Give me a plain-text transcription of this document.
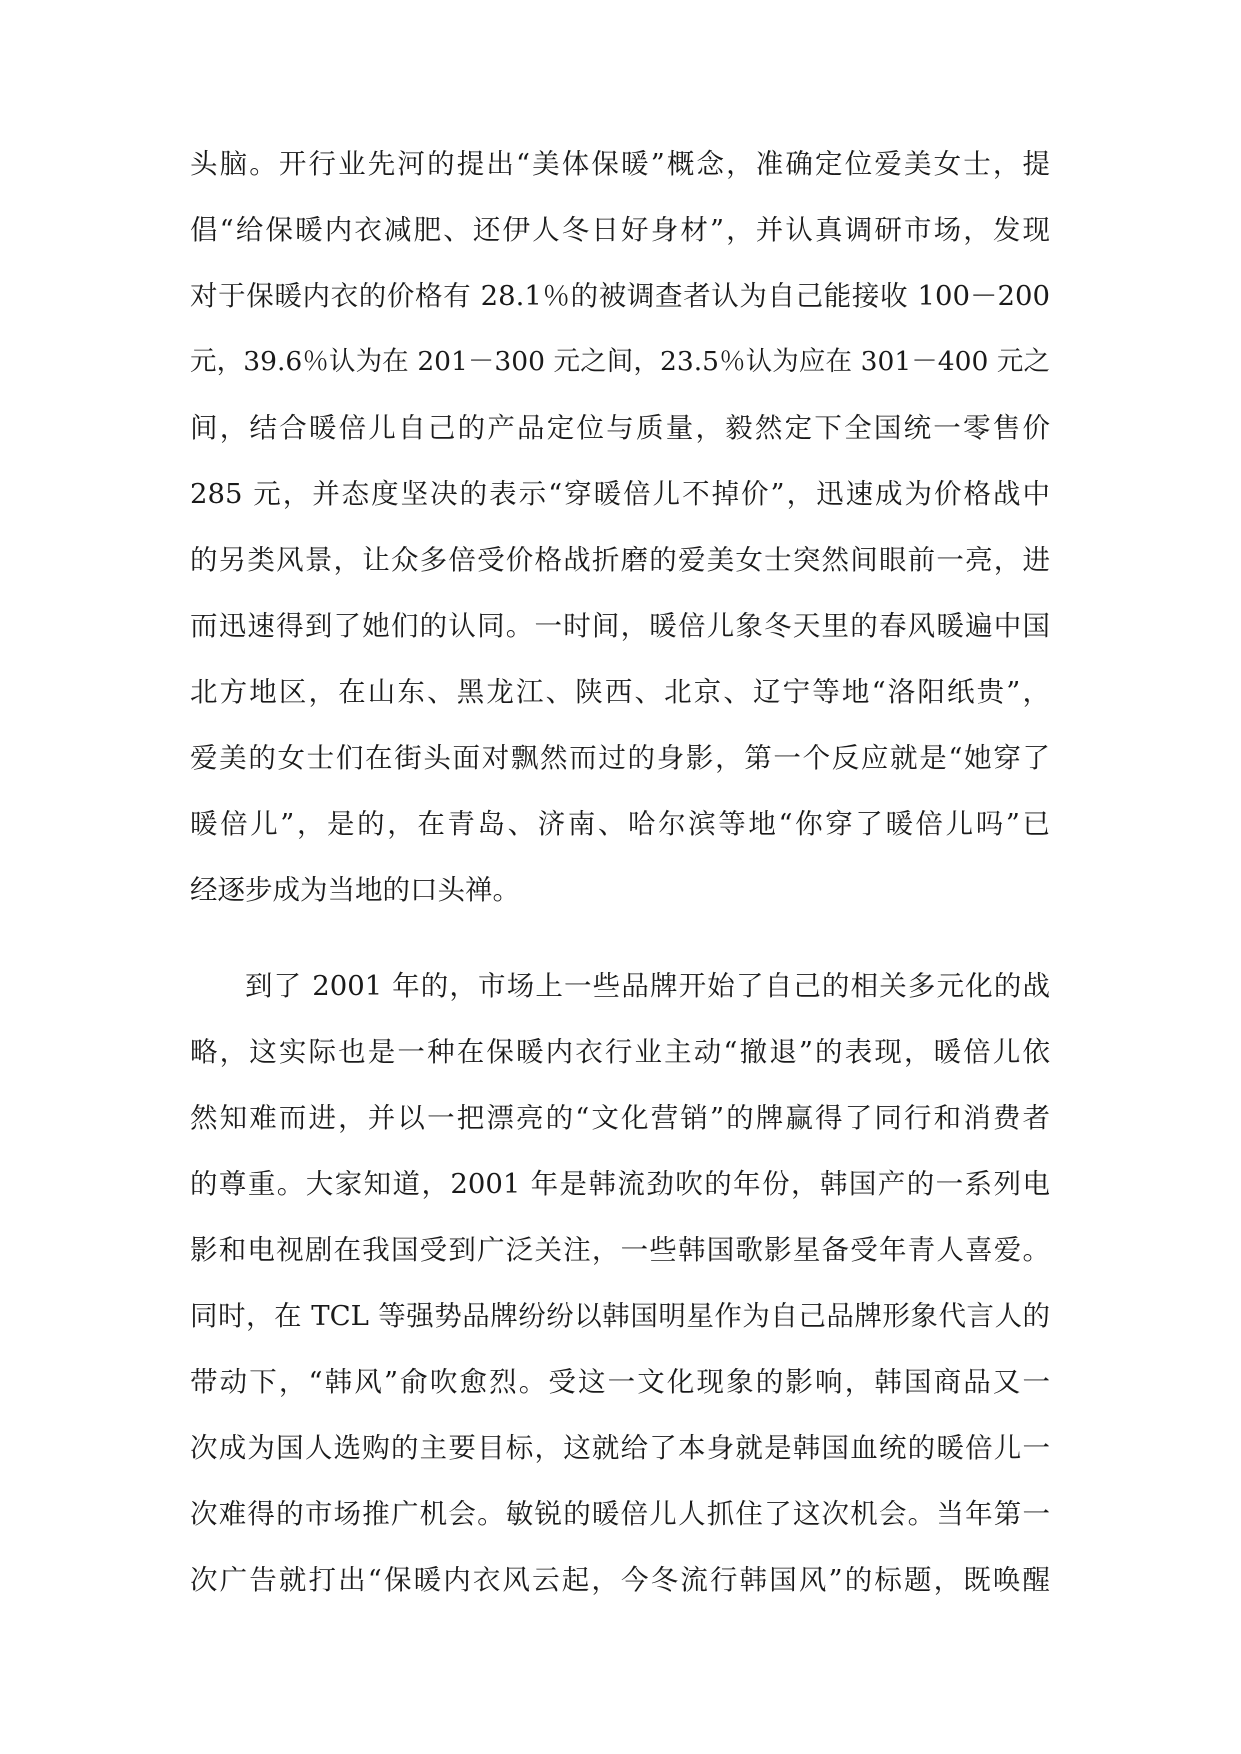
头脑。开行业先河的提出“美体保暖”概念，准确定位爱美女士，提

倡“给保暖内衣减肥、还伊人冬日好身材”，并认真调研市场，发现

对于保暖内衣的价格有 28.1％的被调查者认为自己能接收 100－200

元，39.6％认为在 201－300 元之间，23.5％认为应在 301－400 元之

间，结合暖倍儿自己的产品定位与质量，毅然定下全国统一零售价

285 元，并态度坚决的表示“穿暖倍儿不掉价”，迅速成为价格战中

的另类风景，让众多倍受价格战折磨的爱美女士突然间眼前一亮，进

而迅速得到了她们的认同。一时间，暖倍儿象冬天里的春风暖遍中国

北方地区，在山东、黑龙江、陕西、北京、辽宁等地“洛阳纸贵”，

爱美的女士们在街头面对飘然而过的身影，第一个反应就是“她穿了

暖倍儿”，是的，在青岛、济南、哈尔滨等地“你穿了暖倍儿吗”已

经逐步成为当地的口头禅。

到了 2001 年的，市场上一些品牌开始了自己的相关多元化的战

略，这实际也是一种在保暖内衣行业主动“撤退”的表现，暖倍儿依

然知难而进，并以一把漂亮的“文化营销”的牌赢得了同行和消费者

的尊重。大家知道，2001 年是韩流劲吹的年份，韩国产的一系列电

影和电视剧在我国受到广泛关注，一些韩国歌影星备受年青人喜爱。

同时，在 TCL 等强势品牌纷纷以韩国明星作为自己品牌形象代言人的

带动下，“韩风”俞吹愈烈。受这一文化现象的影响，韩国商品又一

次成为国人选购的主要目标，这就给了本身就是韩国血统的暖倍儿一

次难得的市场推广机会。敏锐的暖倍儿人抓住了这次机会。当年第一

次广告就打出“保暖内衣风云起，今冬流行韩国风”的标题，既唤醒
